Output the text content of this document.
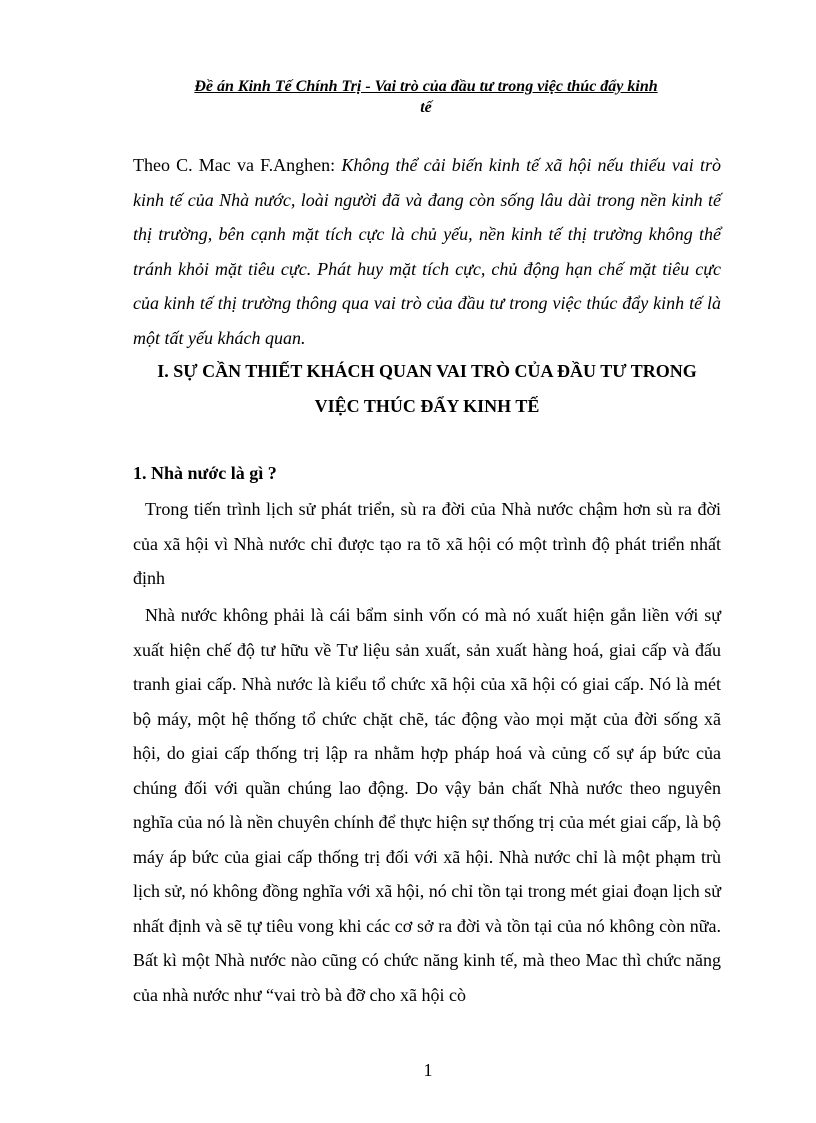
Đề án Kinh Tế Chính Trị - Vai trò của đầu tư trong việc thúc đẩy kinh
tế

Theo C. Mac va F.Anghen: Không thể cải biến kinh tế xã hội nếu thiếu vai trò kinh tế của Nhà nước, loài người đã và đang còn sống lâu dài trong nền kinh tế thị trường, bên cạnh mặt tích cực là chủ yếu, nền kinh tế thị trường không thể tránh khỏi mặt tiêu cực. Phát huy mặt tích cực, chủ động hạn chế mặt tiêu cực của kinh tế thị trường thông qua vai trò của đầu tư trong việc thúc đẩy kinh tế là một tất yếu khách quan.

I. SỰ CẦN THIẾT KHÁCH QUAN VAI TRÒ CỦA ĐẦU TƯ TRONG
VIỆC THÚC ĐẨY KINH TẾ
1. Nhà nước là gì ?

Trong tiến trình lịch sử phát triển, sù ra đời của Nhà nước chậm hơn sù ra đời của xã hội vì Nhà nước chỉ được tạo ra tõ xã hội có một trình độ phát triển nhất định

Nhà nước không phải là cái bẩm sinh vốn có mà nó xuất hiện gắn liền với sự xuất hiện chế độ tư hữu về Tư liệu sản xuất, sản xuất hàng hoá, giai cấp và đấu tranh giai cấp. Nhà nước là kiểu tổ chức xã hội của xã hội có giai cấp. Nó là mét bộ máy, một hệ thống tổ chức chặt chẽ, tác động vào mọi mặt của đời sống xã hội, do giai cấp thống trị lập ra nhằm hợp pháp hoá và củng cố sự áp bức của chúng đối với quần chúng lao động. Do vậy bản chất Nhà nước theo nguyên nghĩa của nó là nền chuyên chính để thực hiện sự thống trị của mét giai cấp, là bộ máy áp bức của giai cấp thống trị đối với xã hội. Nhà nước chỉ là một phạm trù lịch sử, nó không đồng nghĩa với xã hội, nó chỉ tồn tại trong mét giai đoạn lịch sử nhất định và sẽ tự tiêu vong khi các cơ sở ra đời và tồn tại của nó không còn nữa. Bất kì một Nhà nước nào cũng có chức năng kinh tế, mà theo Mac thì chức năng của nhà nước như “vai trò bà đỡ cho xã hội cò

1
